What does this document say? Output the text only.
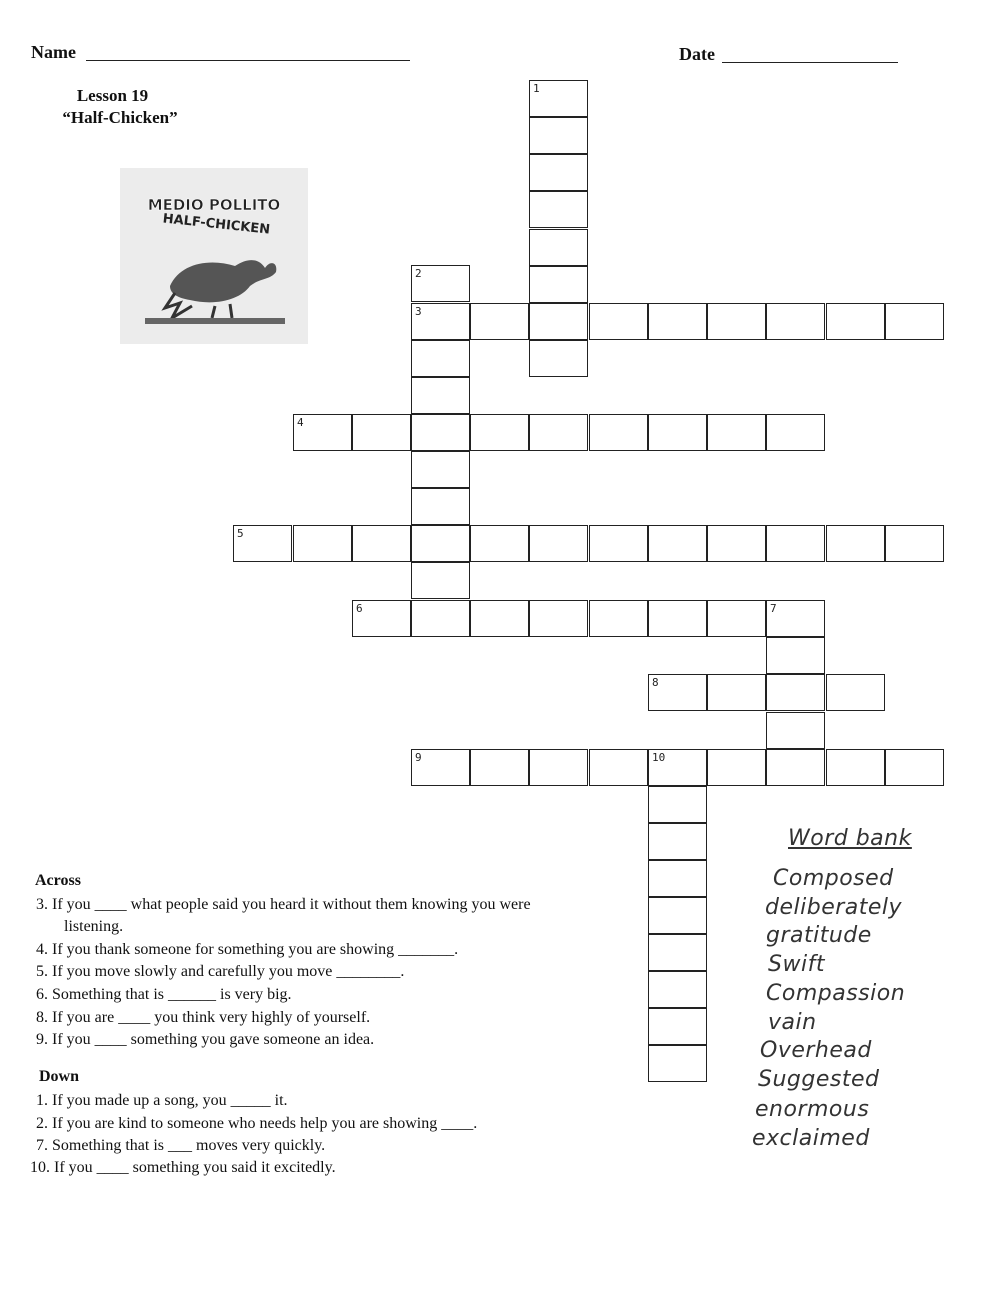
Name	Date
Lesson 19
“Half-Chicken”
MEDIO POLLITO
HALF-CHICKEN
1
2
3
4
5
6	7
8
9	10
Across
3. If you ____ what people said you heard it without them knowing you were
listening.
4. If you thank someone for something you are showing _______.
5. If you move slowly and carefully you move ________.
6. Something that is ______ is very big.
8. If you are ____ you think very highly of yourself.
9. If you ____ something you gave someone an idea.
Down
1. If you made up a song, you _____ it.
2. If you are kind to someone who needs help you are showing ____.
7. Something that is ___ moves very quickly.
10. If you ____ something you said it excitedly.
Word bank
Composed
deliberately
gratitude
Swift
Compassion
vain
Overhead
Suggested
enormous
exclaimed
